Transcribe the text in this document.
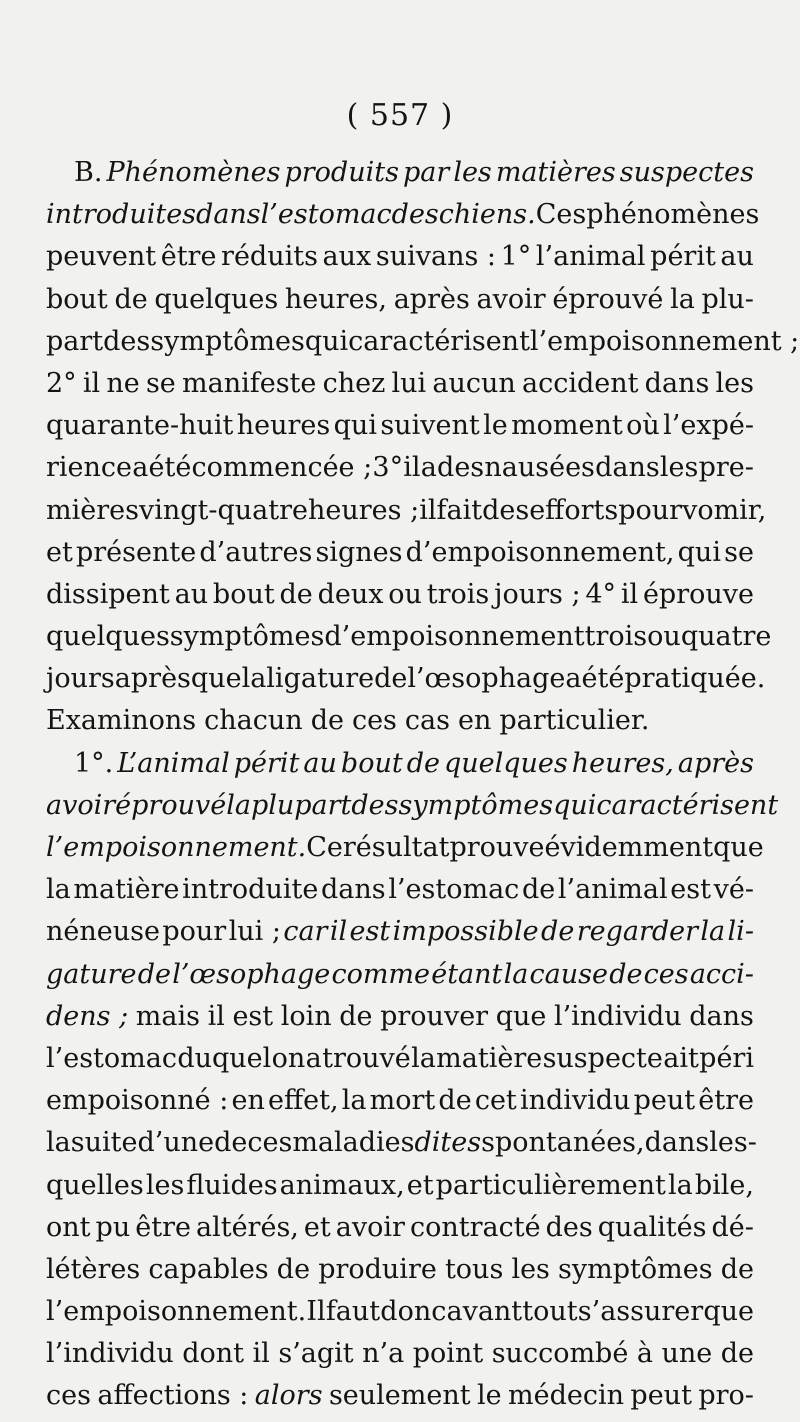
( 557 )
B. Phénomènes produits par les matières suspectes
introduites dans l’estomac des chiens. Ces phénomènes
peuvent être réduits aux suivans : 1° l’animal périt au
bout de quelques heures, après avoir éprouvé la plu-
part des symptômes qui caractérisent l’empoisonnement ;
2° il ne se manifeste chez lui aucun accident dans les
quarante-huit heures qui suivent le moment où l’expé-
rience a été commencée ; 3° il a des nausées dans les pre-
mières vingt-quatre heures ; il fait des efforts pour vomir,
et présente d’autres signes d’empoisonnement, qui se
dissipent au bout de deux ou trois jours ; 4° il éprouve
quelques symptômes d’empoisonnement trois ou quatre
jours après que la ligature de l’œsophage a été pratiquée.
Examinons chacun de ces cas en particulier.
1°. L’animal périt au bout de quelques heures, après
avoir éprouvé la plupart des symptômes qui caractérisent
l’empoisonnement. Ce résultat prouve évidemment que
la matière introduite dans l’estomac de l’animal est vé-
néneuse pour lui ; car il est impossible de regarder la li-
gature de l’œsophage comme étant la cause de ces acci-
dens ; mais il est loin de prouver que l’individu dans
l’estomac duquel on a trouvé la matière suspecte ait péri
empoisonné : en effet, la mort de cet individu peut être
la suite d’une de ces maladies dites spontanées, dans les-
quelles les fluides animaux, et particulièrement la bile,
ont pu être altérés, et avoir contracté des qualités dé-
létères capables de produire tous les symptômes de
l’empoisonnement. Il faut donc avant tout s’assurer que
l’individu dont il s’agit n’a point succombé à une de
ces affections : alors seulement le médecin peut pro-
